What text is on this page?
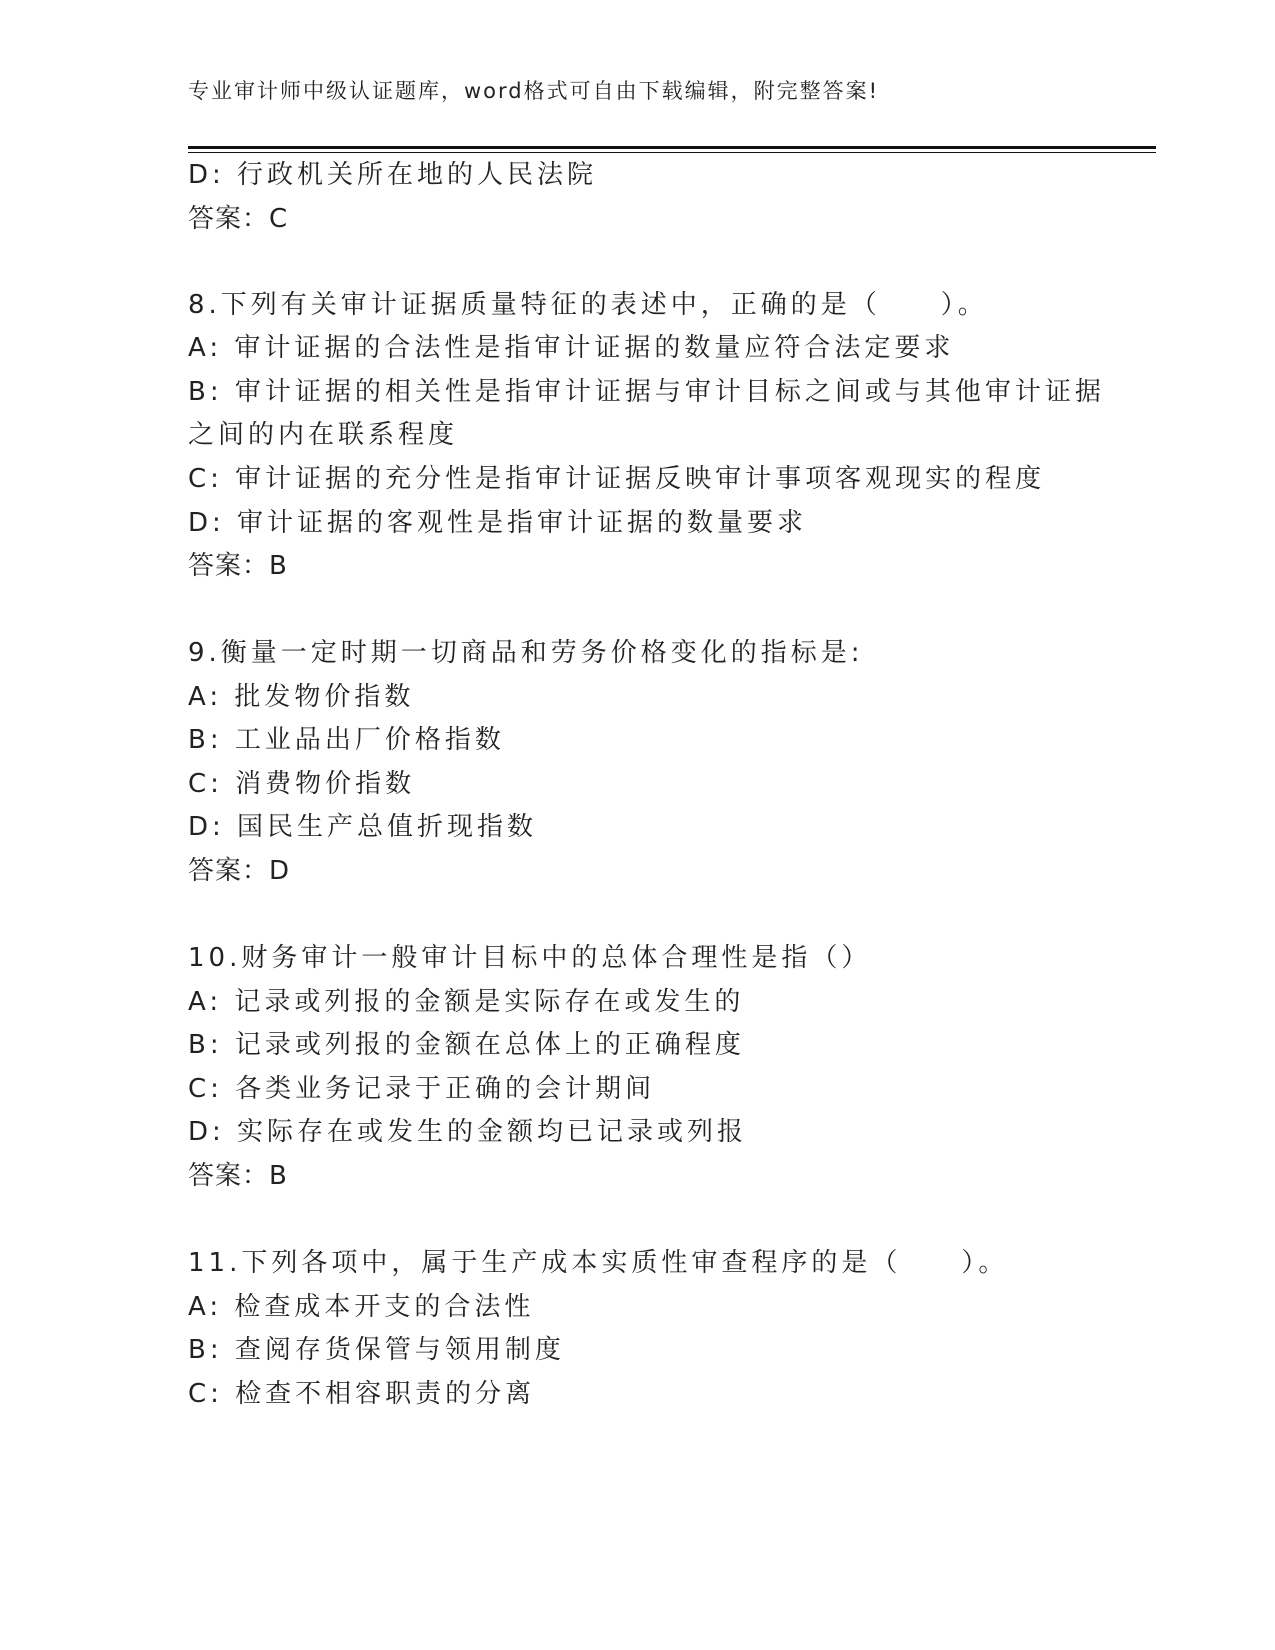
专业审计师中级认证题库，word格式可自由下载编辑，附完整答案!
D: 行政机关所在地的人民法院
答案：C
8.下列有关审计证据质量特征的表述中，正确的是（　　）。
A: 审计证据的合法性是指审计证据的数量应符合法定要求
B: 审计证据的相关性是指审计证据与审计目标之间或与其他审计证据
之间的内在联系程度
C: 审计证据的充分性是指审计证据反映审计事项客观现实的程度
D: 审计证据的客观性是指审计证据的数量要求
答案：B
9.衡量一定时期一切商品和劳务价格变化的指标是:
A: 批发物价指数
B: 工业品出厂价格指数
C: 消费物价指数
D: 国民生产总值折现指数
答案：D
10.财务审计一般审计目标中的总体合理性是指（）
A: 记录或列报的金额是实际存在或发生的
B: 记录或列报的金额在总体上的正确程度
C: 各类业务记录于正确的会计期间
D: 实际存在或发生的金额均已记录或列报
答案：B
11.下列各项中，属于生产成本实质性审查程序的是（　　）。
A: 检查成本开支的合法性
B: 查阅存货保管与领用制度
C: 检查不相容职责的分离
